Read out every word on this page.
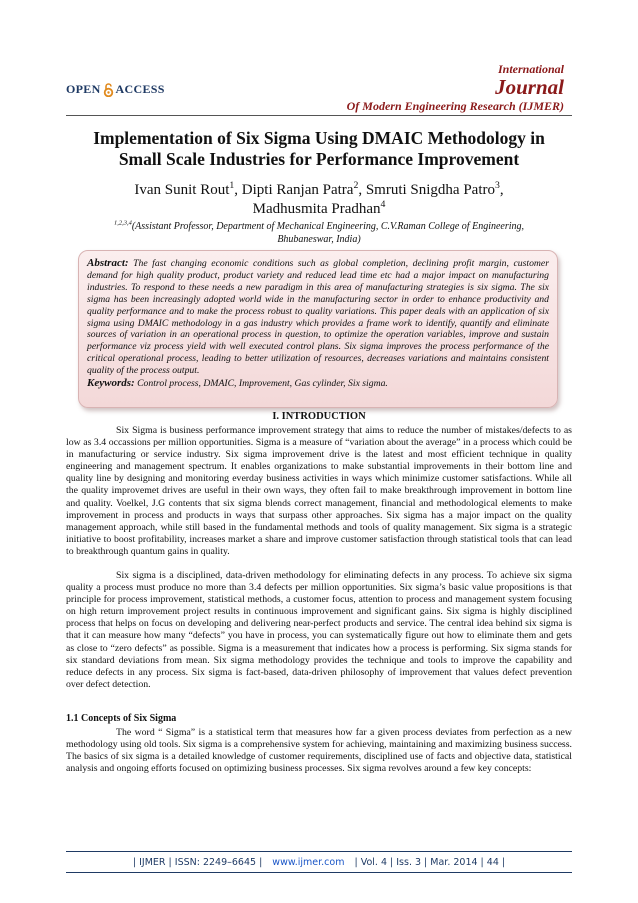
OPEN ACCESS
International
Journal
Of Modern Engineering Research (IJMER)
Implementation of Six Sigma Using DMAIC Methodology in
Small Scale Industries for Performance Improvement
Ivan Sunit Rout$^1$, Dipti Ranjan Patra$^2$, Smruti Snigdha Patro$^3$,
Madhusmita Pradhan$^4$
$^{1,2,3,4}$(Assistant Professor, Department of Mechanical Engineering, C.V.Raman College of Engineering,
Bhubaneswar, India)

Abstract: The fast changing economic conditions such as global completion, declining profit margin, customer demand for high quality product, product variety and reduced lead time etc had a major impact on manufacturing industries. To respond to these needs a new paradigm in this area of manufacturing strategies is six sigma. The six sigma has been increasingly adopted world wide in the manufacturing sector in order to enhance productivity and quality performance and to make the process robust to quality variations. This paper deals with an application of six sigma using DMAIC methodology in a gas industry which provides a frame work to identify, quantify and eliminate sources of variation in an operational process in question, to optimize the operation variables, improve and sustain performance viz process yield with well executed control plans. Six sigma improves the process performance of the critical operational process, leading to better utilization of resources, decreases variations and maintains consistent quality of the process output.

Keywords: Control process, DMAIC, Improvement, Gas cylinder, Six sigma.

I. INTRODUCTION

Six Sigma is business performance improvement strategy that aims to reduce the number of mistakes/defects to as low as 3.4 occassions per million opportunities. Sigma is a measure of “variation about the average” in a process which could be in manufacturing or service industry. Six sigma improvement drive is the latest and most efficient technique in quality engineering and management spectrum. It enables organizations to make substantial improvements in their bottom line and quality line by designing and monitoring everday business activities in ways which minimize customer satisfactions. While all the quality improvemet drives are useful in their own ways, they often fail to make breakthrough improvement in bottom line and quality. Voelkel, J.G contents that six sigma blends correct management, financial and methodological elements to make improvement in process and products in ways that surpass other approaches. Six sigma has a major impact on the quality management approach, while still based in the fundamental methods and tools of quality management. Six sigma is a strategic initiative to boost profitability, increases market a share and improve customer satisfaction through statistical tools that can lead to breakthrough quantum gains in quality.

Six sigma is a disciplined, data-driven methodology for eliminating defects in any process. To achieve six sigma quality a process must produce no more than 3.4 defects per million opportunities. Six sigma’s basic value propositions is that principle for process improvement, statistical methods, a customer focus, attention to process and management system focusing on high return improvement project results in continuous improvement and significant gains. Six sigma is highly disciplined process that helps on focus on developing and delivering near-perfect products and service. The central idea behind six sigma is that it can measure how many “defects” you have in process, you can systematically figure out how to eliminate them and gets as close to “zero defects” as possible. Sigma is a measurement that indicates how a process is performing. Six sigma stands for six standard deviations from mean. Six sigma methodology provides the technique and tools to improve the capability and reduce defects in any process. Six sigma is fact-based, data-driven philosophy of improvement that values defect prevention over defect detection.

1.1 Concepts of Six Sigma

The word “ Sigma” is a statistical term that measures how far a given process deviates from perfection as a new methodology using old tools. Six sigma is a comprehensive system for achieving, maintaining and maximizing business success. The basics of six sigma is a detailed knowledge of customer requirements, disciplined use of facts and objective data, statistical analysis and ongoing efforts focused on optimizing business processes. Six sigma revolves around a few key concepts:

| IJMER | ISSN: 2249–6645 | www.ijmer.com | Vol. 4 | Iss. 3 | Mar. 2014 | 44 |
